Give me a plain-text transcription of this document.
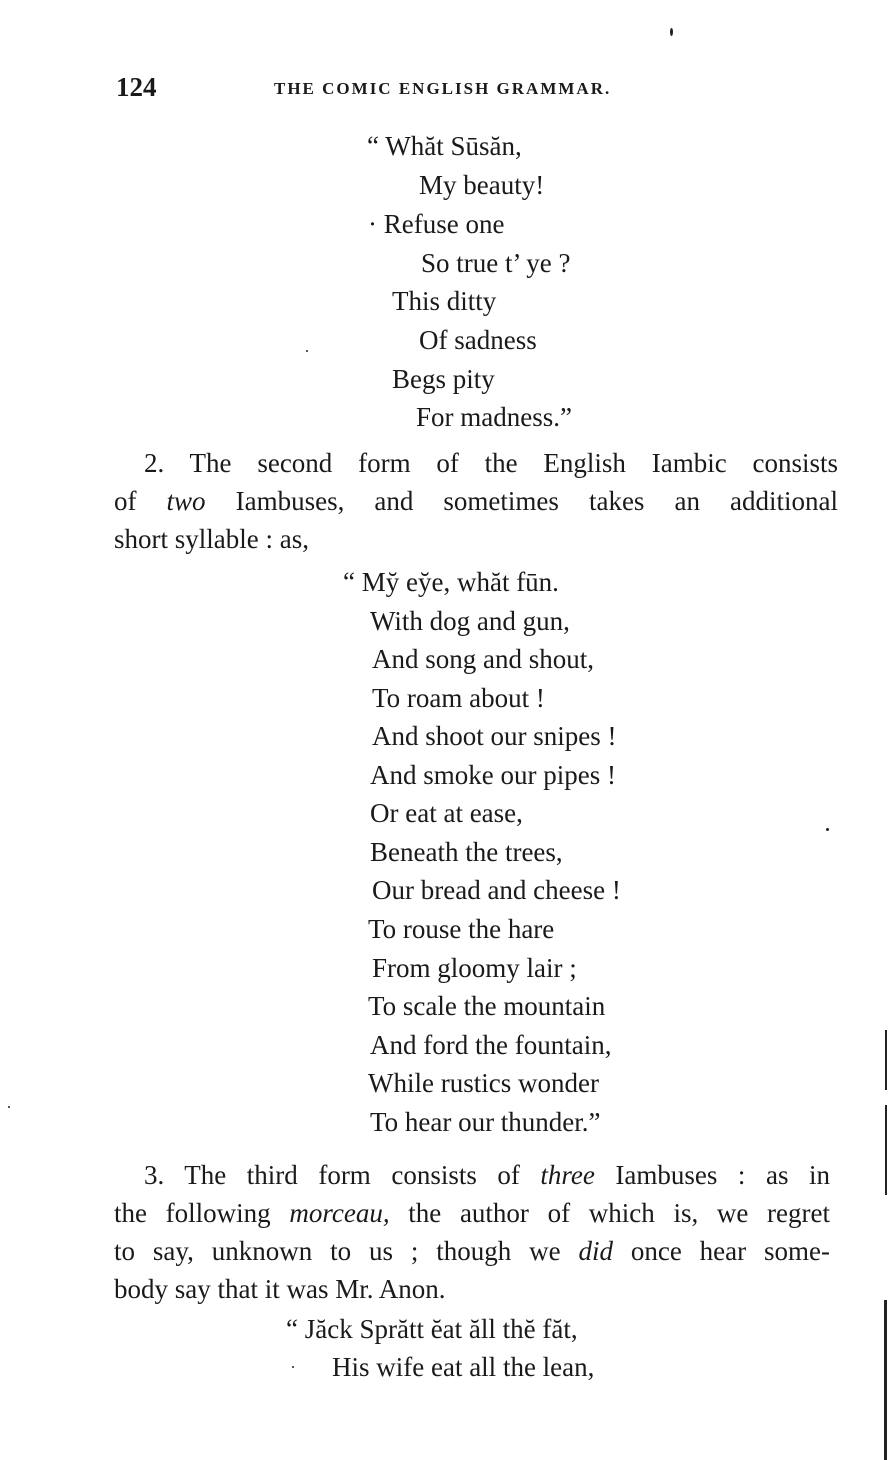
124	THE COMIC ENGLISH GRAMMAR.
“ Whăt Sūsăn,
My beauty!
· Refuse one
So true t’ ye ?
This ditty
Of sadness
Begs pity
For madness.”
2. The second form of the English Iambic consists
of two Iambuses, and sometimes takes an additional
short syllable : as,
“ My̆ ey̆e, whăt fūn.
With dog and gun,
And song and shout,
To roam about !
And shoot our snipes !
And smoke our pipes !
Or eat at ease,
Beneath the trees,
Our bread and cheese !
To rouse the hare
From gloomy lair ;
To scale the mountain
And ford the fountain,
While rustics wonder
To hear our thunder.”
3. The third form consists of three Iambuses : as in
the following morceau, the author of which is, we regret
to say, unknown to us ; though we did once hear some-
body say that it was Mr. Anon.
“ Jăck Sprătt ĕat ăll thĕ făt,
His wife eat all the lean,
